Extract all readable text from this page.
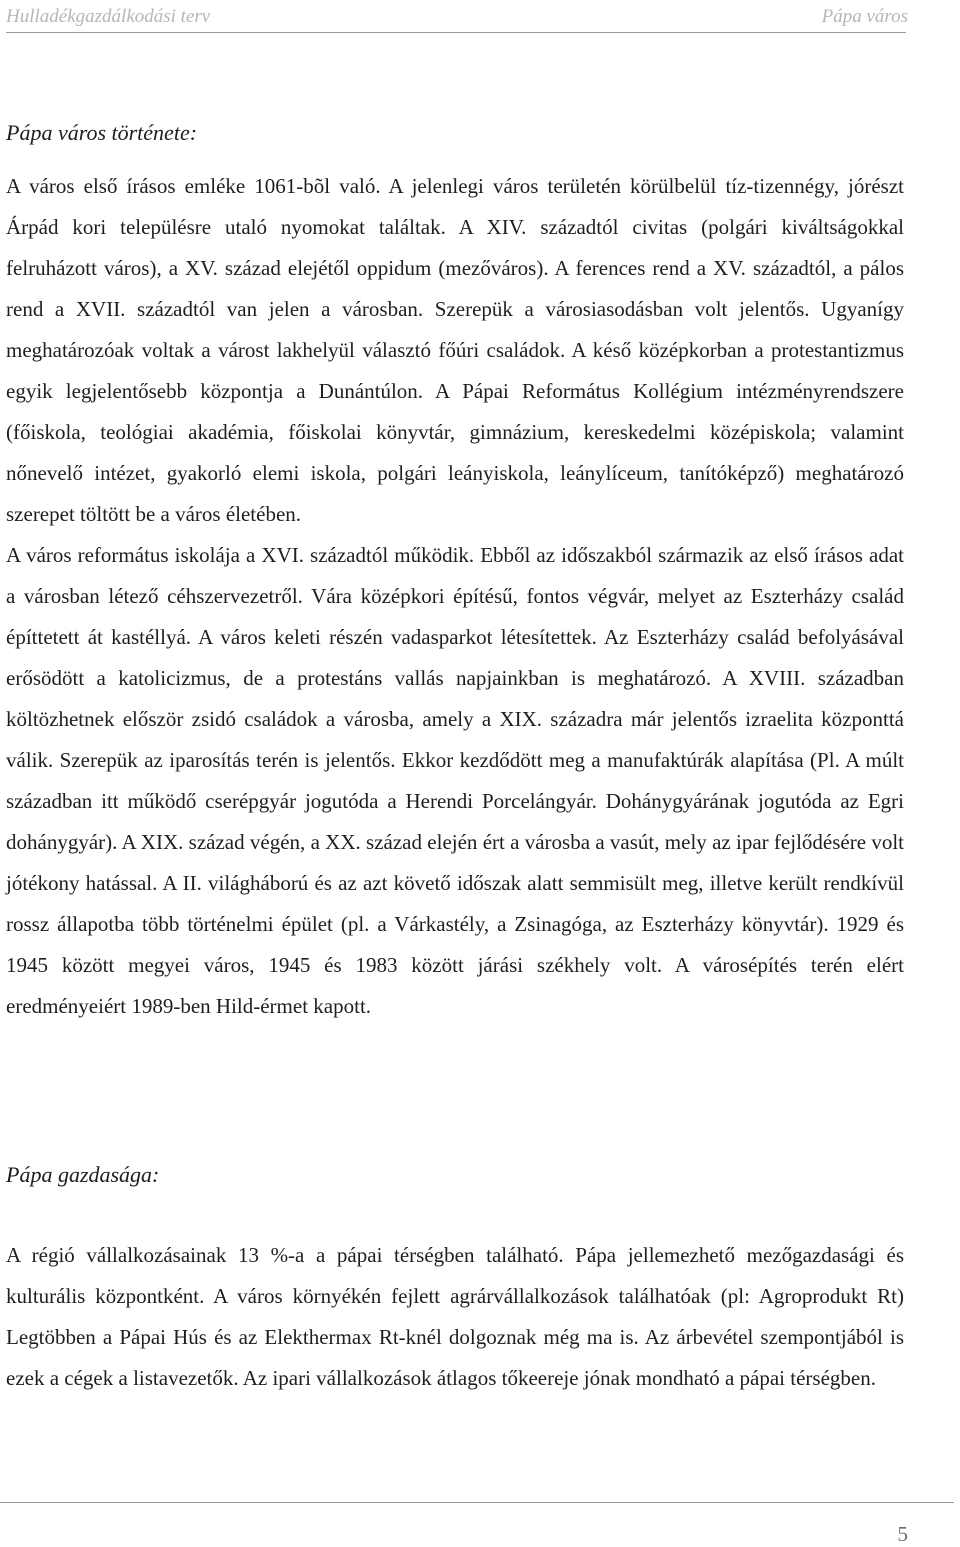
Hulladékgazdálkodási terv	Pápa város
Pápa város története:

A város első írásos emléke 1061-bõl való. A jelenlegi város területén körülbelül tíz-tizennégy, jórészt Árpád kori településre utaló nyomokat találtak. A XIV. századtól civitas (polgári kiváltságokkal felruházott város), a XV. század elejétől oppidum (mezőváros). A ferences rend a XV. századtól, a pálos rend a XVII. századtól van jelen a városban. Szerepük a városiasodásban volt jelentős. Ugyanígy meghatározóak voltak a várost lakhelyül választó főúri családok. A késő középkorban a protestantizmus egyik legjelentősebb központja a Dunántúlon. A Pápai Református Kollégium intézményrendszere (főiskola, teológiai akadémia, főiskolai könyvtár, gimnázium, kereskedelmi középiskola; valamint nőnevelő intézet, gyakorló elemi iskola, polgári leányiskola, leánylíceum, tanítóképző) meghatározó szerepet töltött be a város életében.

A város református iskolája a XVI. századtól működik. Ebből az időszakból származik az első írásos adat a városban létező céhszervezetről. Vára középkori építésű, fontos végvár, melyet az Eszterházy család építtetett át kastéllyá. A város keleti részén vadasparkot létesítettek. Az Eszterházy család befolyásával erősödött a katolicizmus, de a protestáns vallás napjainkban is meghatározó. A XVIII. században költözhetnek először zsidó családok a városba, amely a XIX. századra már jelentős izraelita központtá válik. Szerepük az iparosítás terén is jelentős. Ekkor kezdődött meg a manufaktúrák alapítása (Pl. A múlt században itt működő cserépgyár jogutóda a Herendi Porcelángyár. Dohánygyárának jogutóda az Egri dohánygyár). A XIX. század végén, a XX. század elején ért a városba a vasút, mely az ipar fejlődésére volt jótékony hatással. A II. világháború és az azt követő időszak alatt semmisült meg, illetve került rendkívül rossz állapotba több történelmi épület (pl. a Várkastély, a Zsinagóga, az Eszterházy könyvtár). 1929 és 1945 között megyei város, 1945 és 1983 között járási székhely volt. A városépítés terén elért eredményeiért 1989-ben Hild-érmet kapott.

Pápa gazdasága:

A régió vállalkozásainak 13 %-a a pápai térségben található. Pápa jellemezhető mezőgazdasági és kulturális központként. A város környékén fejlett agrárvállalkozások találhatóak (pl: Agroprodukt Rt) Legtöbben a Pápai Hús és az Elekthermax Rt-knél dolgoznak még ma is. Az árbevétel szempontjából is ezek a cégek a listavezetők. Az ipari vállalkozások átlagos tőkeereje jónak mondható a pápai térségben.

5
